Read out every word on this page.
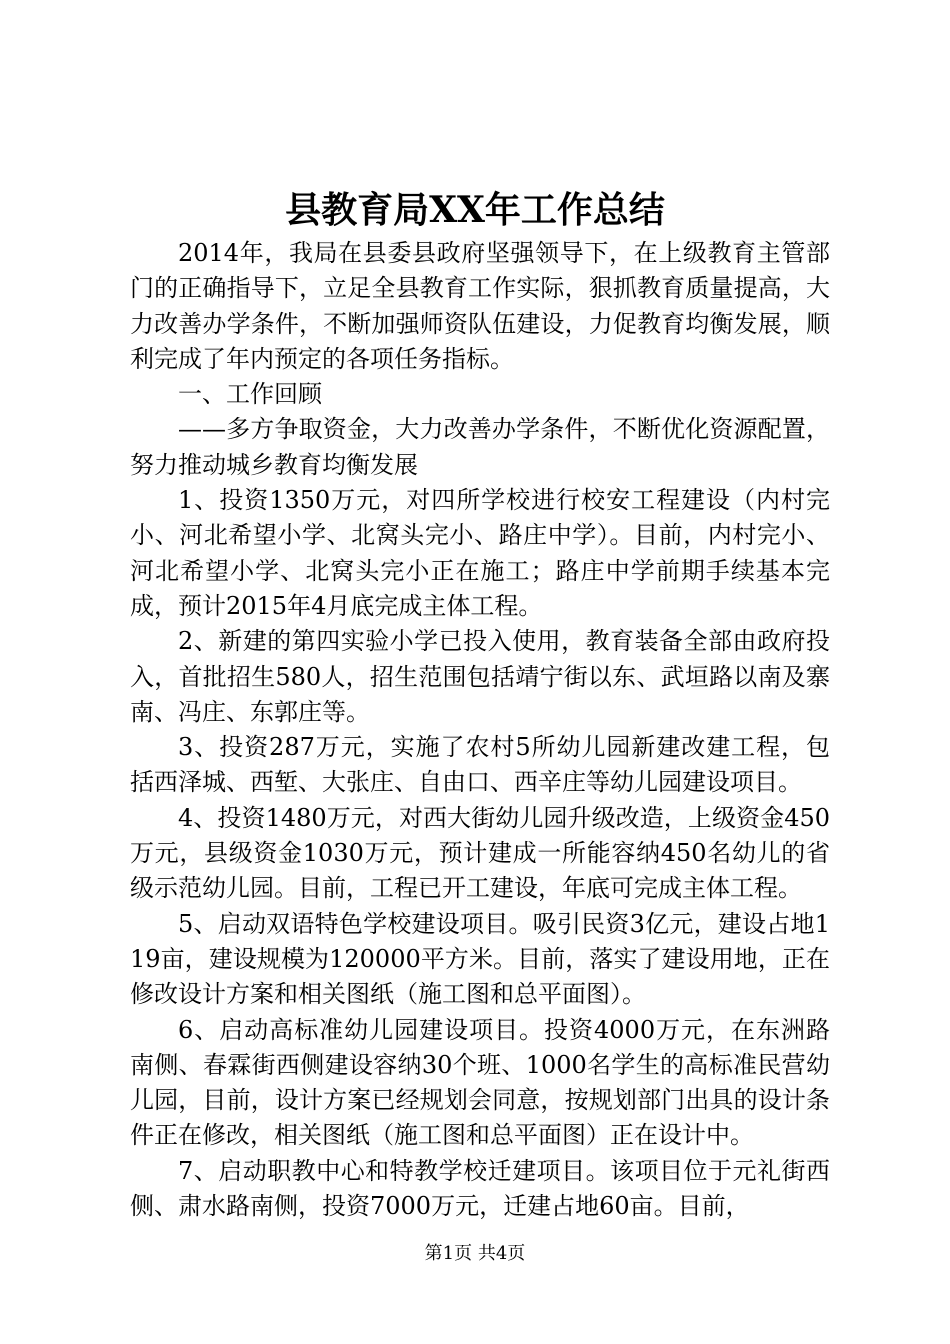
县教育局XX年工作总结

2014年，我局在县委县政府坚强领导下，在上级教育主管部门的正确指导下，立足全县教育工作实际，狠抓教育质量提高，大力改善办学条件，不断加强师资队伍建设，力促教育均衡发展，顺利完成了年内预定的各项任务指标。

一、工作回顾

——多方争取资金，大力改善办学条件，不断优化资源配置，努力推动城乡教育均衡发展

1、投资1350万元，对四所学校进行校安工程建设（内村完小、河北希望小学、北窝头完小、路庄中学）。目前，内村完小、河北希望小学、北窝头完小正在施工；路庄中学前期手续基本完成，预计2015年4月底完成主体工程。

2、新建的第四实验小学已投入使用，教育装备全部由政府投入，首批招生580人，招生范围包括靖宁街以东、武垣路以南及寨南、冯庄、东郭庄等。

3、投资287万元，实施了农村5所幼儿园新建改建工程，包括西泽城、西堑、大张庄、自由口、西辛庄等幼儿园建设项目。

4、投资1480万元，对西大街幼儿园升级改造，上级资金450万元，县级资金1030万元，预计建成一所能容纳450名幼儿的省级示范幼儿园。目前，工程已开工建设，年底可完成主体工程。

5、启动双语特色学校建设项目。吸引民资3亿元，建设占地119亩，建设规模为120000平方米。目前，落实了建设用地，正在修改设计方案和相关图纸（施工图和总平面图）。

6、启动高标准幼儿园建设项目。投资4000万元，在东洲路南侧、春霖街西侧建设容纳30个班、1000名学生的高标准民营幼儿园，目前，设计方案已经规划会同意，按规划部门出具的设计条件正在修改，相关图纸（施工图和总平面图）正在设计中。

7、启动职教中心和特教学校迁建项目。该项目位于元礼街西侧、肃水路南侧，投资7000万元，迁建占地60亩。目前，

第1页 共4页
